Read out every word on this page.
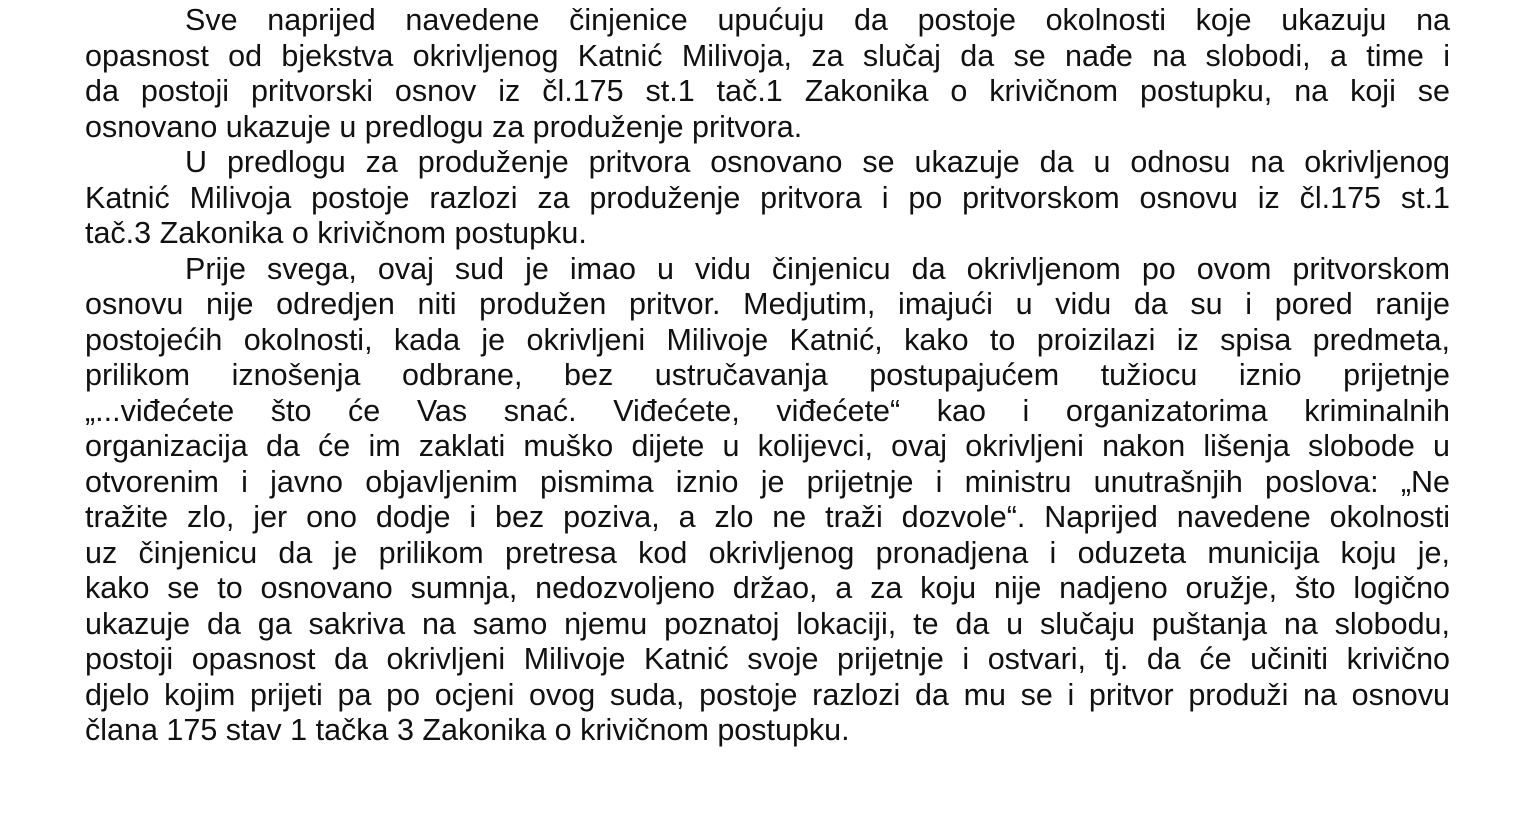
Sve naprijed navedene činjenice upućuju da postoje okolnosti koje ukazuju na
opasnost od bjekstva okrivljenog Katnić Milivoja, za slučaj da se nađe na slobodi, a time i
da postoji pritvorski osnov iz čl.175 st.1 tač.1 Zakonika o krivičnom postupku, na koji se
osnovano ukazuje u predlogu za produženje pritvora.
U predlogu za produženje pritvora osnovano se ukazuje da u odnosu na okrivljenog
Katnić Milivoja postoje razlozi za produženje pritvora i po pritvorskom osnovu iz čl.175 st.1
tač.3 Zakonika o krivičnom postupku.
Prije svega, ovaj sud je imao u vidu činjenicu da okrivljenom po ovom pritvorskom
osnovu nije odredjen niti produžen pritvor. Medjutim, imajući u vidu da su i pored ranije
postojećih okolnosti, kada je okrivljeni Milivoje Katnić, kako to proizilazi iz spisa predmeta,
prilikom iznošenja odbrane, bez ustručavanja postupajućem tužiocu iznio prijetnje
„...viđećete što će Vas snać. Viđećete, viđećete“ kao i organizatorima kriminalnih
organizacija da će im zaklati muško dijete u kolijevci, ovaj okrivljeni nakon lišenja slobode u
otvorenim i javno objavljenim pismima iznio je prijetnje i ministru unutrašnjih poslova: „Ne
tražite zlo, jer ono dodje i bez poziva, a zlo ne traži dozvole“. Naprijed navedene okolnosti
uz činjenicu da je prilikom pretresa kod okrivljenog pronadjena i oduzeta municija koju je,
kako se to osnovano sumnja, nedozvoljeno držao, a za koju nije nadjeno oružje, što logično
ukazuje da ga sakriva na samo njemu poznatoj lokaciji, te da u slučaju puštanja na slobodu,
postoji opasnost da okrivljeni Milivoje Katnić svoje prijetnje i ostvari, tj. da će učiniti krivično
djelo kojim prijeti pa po ocjeni ovog suda, postoje razlozi da mu se i pritvor produži na osnovu
člana 175 stav 1 tačka 3 Zakonika o krivičnom postupku.
